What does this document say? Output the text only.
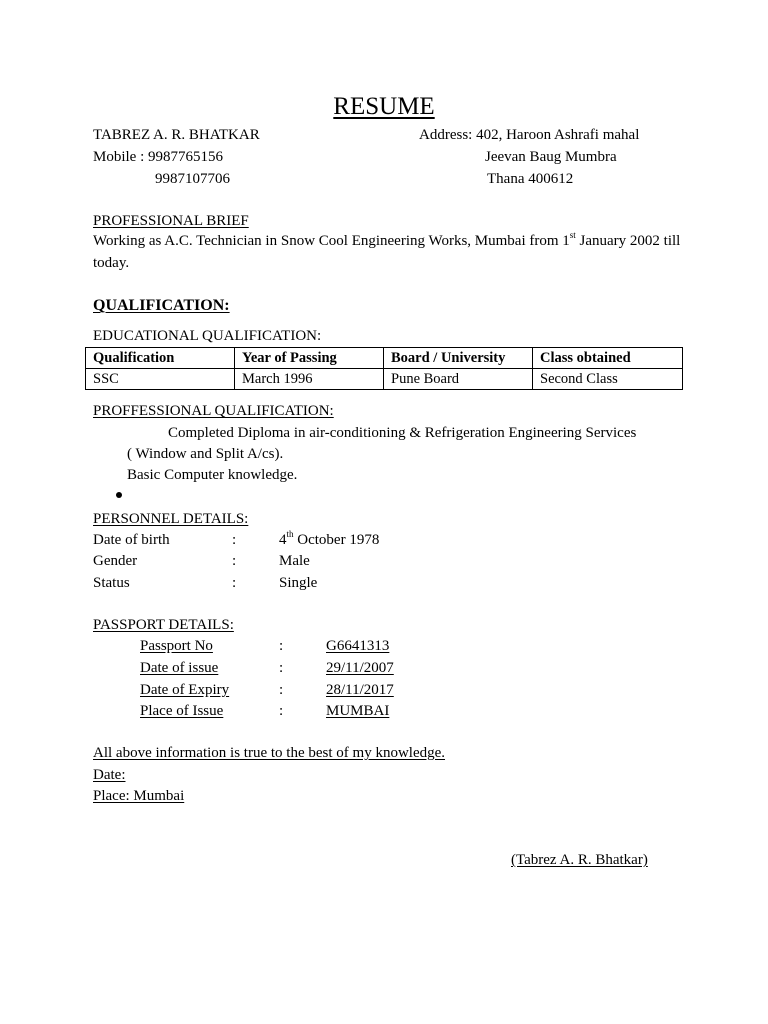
RESUME
TABREZ A. R. BHATKAR
Mobile : 9987765156
9987107706
Address: 402, Haroon Ashrafi mahal
Jeevan Baug Mumbra
Thana 400612
PROFESSIONAL BRIEF
Working as A.C. Technician in Snow Cool Engineering Works, Mumbai from 1st January 2002 till today.
QUALIFICATION:
EDUCATIONAL QUALIFICATION:
Qualification	Year of Passing	Board / University	Class obtained
SSC	March 1996	Pune Board	Second Class
PROFFESSIONAL QUALIFICATION:
Completed Diploma in air-conditioning & Refrigeration Engineering Services
( Window and Split A/cs).
Basic Computer knowledge.
PERSONNEL DETAILS:
Date of birth	:	4th October 1978
Gender	:	Male
Status	:	Single
PASSPORT DETAILS:
Passport No	:	G6641313
Date of issue	:	29/11/2007
Date of Expiry	:	28/11/2017
Place of Issue	:	MUMBAI
All above information is true to the best of my knowledge.
Date:
Place: Mumbai
(Tabrez A. R. Bhatkar)
